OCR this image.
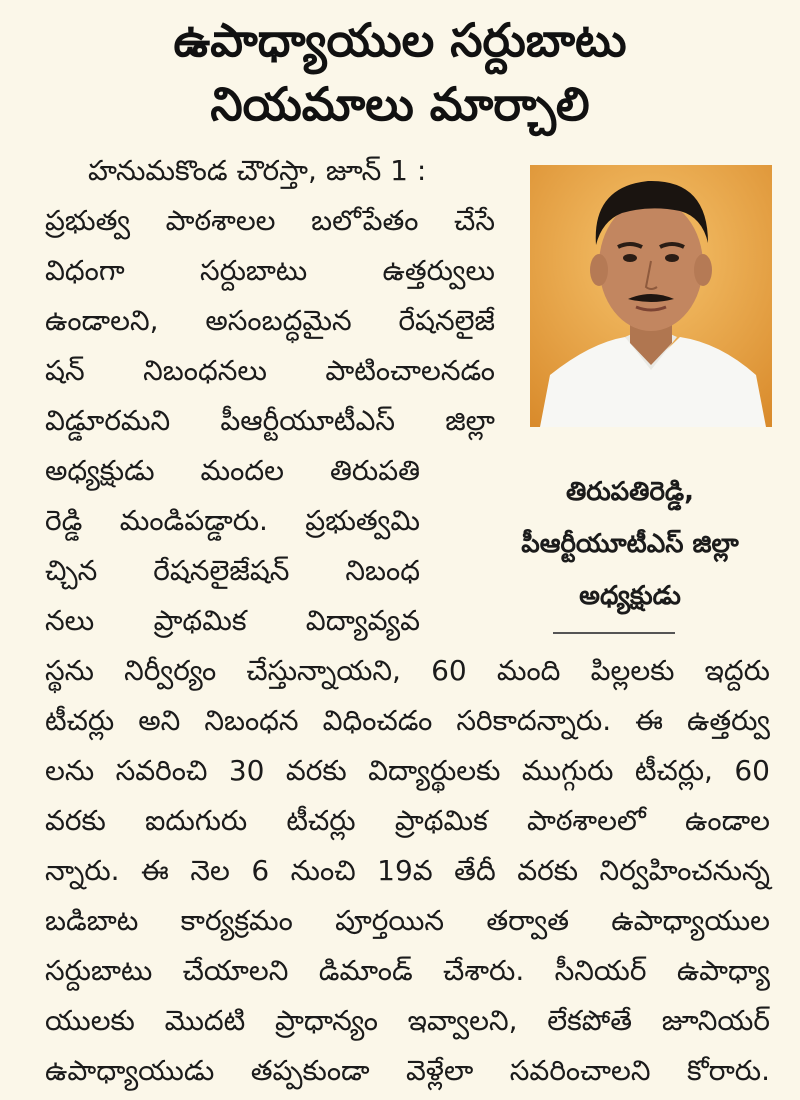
ఉపాధ్యాయుల సర్దుబాటు
నియమాలు మార్చాలి
హనుమకొండ చౌరస్తా, జూన్ 1 :
ప్రభుత్వ పాఠశాలల బలోపేతం చేసే
విధంగా సర్దుబాటు ఉత్తర్వులు
ఉండాలని, అసంబద్ధమైన రేషనలైజే
షన్ నిబంధనలు పాటించాలనడం
విడ్డూరమని పీఆర్టీయూటీఎస్ జిల్లా
అధ్యక్షుడు మందల తిరుపతి
రెడ్డి మండిపడ్డారు. ప్రభుత్వమి
చ్చిన రేషనలైజేషన్ నిబంధ
నలు ప్రాథమిక విద్యావ్యవ
స్థను నిర్వీర్యం చేస్తున్నాయని, 60 మంది పిల్లలకు ఇద్దరు
టీచర్లు అని నిబంధన విధించడం సరికాదన్నారు. ఈ ఉత్తర్వు
లను సవరించి 30 వరకు విద్యార్థులకు ముగ్గురు టీచర్లు, 60
వరకు ఐదుగురు టీచర్లు ప్రాథమిక పాఠశాలలో ఉండాల
న్నారు. ఈ నెల 6 నుంచి 19వ తేదీ వరకు నిర్వహించనున్న
బడిబాట కార్యక్రమం పూర్తయిన తర్వాత ఉపాధ్యాయుల
సర్దుబాటు చేయాలని డిమాండ్ చేశారు. సీనియర్ ఉపాధ్యా
యులకు మొదటి ప్రాధాన్యం ఇవ్వాలని, లేకపోతే జూనియర్
ఉపాధ్యాయుడు తప్పకుండా వెళ్లేలా సవరించాలని కోరారు.
తిరుపతిరెడ్డి,
పీఆర్టీయూటీఎస్ జిల్లా
అధ్యక్షుడు
